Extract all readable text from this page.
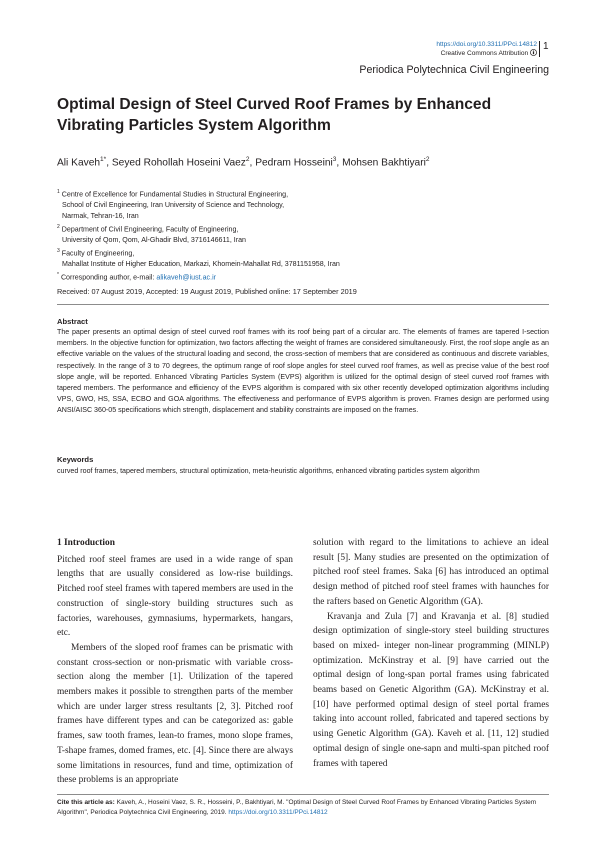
https://doi.org/10.3311/PPci.14812
Creative Commons Attribution
1
Periodica Polytechnica Civil Engineering
Optimal Design of Steel Curved Roof Frames by Enhanced Vibrating Particles System Algorithm
Ali Kaveh$^{1*}$, Seyed Rohollah Hoseini Vaez$^2$, Pedram Hosseini$^3$, Mohsen Bakhtiyari$^2$
$^1$ Centre of Excellence for Fundamental Studies in Structural Engineering,
School of Civil Engineering, Iran University of Science and Technology,
Narmak, Tehran-16, Iran
$^2$ Department of Civil Engineering, Faculty of Engineering,
University of Qom, Qom, Al-Ghadir Blvd, 3716146611, Iran
$^3$ Faculty of Engineering,
Mahallat Institute of Higher Education, Markazi, Khomein-Mahallat Rd, 3781151958, Iran
* Corresponding author, e-mail: alikaveh@iust.ac.ir
Received: 07 August 2019, Accepted: 19 August 2019, Published online: 17 September 2019
Abstract
The paper presents an optimal design of steel curved roof frames with its roof being part of a circular arc. The elements of frames are tapered I-section members. In the objective function for optimization, two factors affecting the weight of frames are considered simultaneously. First, the roof slope angle as an effective variable on the values of the structural loading and second, the cross-section of members that are considered as continuous and discrete variables, respectively. In the range of 3 to 70 degrees, the optimum range of roof slope angles for steel curved roof frames, as well as precise value of the best roof slope angle, will be reported. Enhanced Vibrating Particles System (EVPS) algorithm is utilized for the optimal design of steel curved roof frames with tapered members. The performance and efficiency of the EVPS algorithm is compared with six other recently developed optimization algorithms including VPS, GWO, HS, SSA, ECBO and GOA algorithms. The effectiveness and performance of EVPS algorithm is proven. Frames design are performed using ANSI/AISC 360-05 specifications which strength, displacement and stability constraints are imposed on the frames.
Keywords
curved roof frames, tapered members, structural optimization, meta-heuristic algorithms, enhanced vibrating particles system algorithm
1 Introduction

Pitched roof steel frames are used in a wide range of span lengths that are usually considered as low-rise buildings. Pitched roof steel frames with tapered members are used in the construction of single-story building structures such as factories, warehouses, gymnasiums, hypermarkets, hangars, etc.

Members of the sloped roof frames can be prismatic with constant cross-section or non-prismatic with variable cross-section along the member [1]. Utilization of the tapered members makes it possible to strengthen parts of the member which are under larger stress resultants [2, 3]. Pitched roof frames have different types and can be categorized as: gable frames, saw tooth frames, lean-to frames, mono slope frames, T-shape frames, domed frames, etc. [4]. Since there are always some limitations in resources, fund and time, optimization of these problems is an appropriate

solution with regard to the limitations to achieve an ideal result [5]. Many studies are presented on the optimization of pitched roof steel frames. Saka [6] has introduced an optimal design method of pitched roof steel frames with haunches for the rafters based on Genetic Algorithm (GA).

Kravanja and Zula [7] and Kravanja et al. [8] studied design optimization of single-story steel building structures based on mixed- integer non-linear programming (MINLP) optimization. McKinstray et al. [9] have carried out the optimal design of long-span portal frames using fabricated beams based on Genetic Algorithm (GA). McKinstray et al. [10] have performed optimal design of steel portal frames taking into account rolled, fabricated and tapered sections by using Genetic Algorithm (GA). Kaveh et al. [11, 12] studied optimal design of single one-sapn and multi-span pitched roof frames with tapered

Cite this article as: Kaveh, A., Hoseini Vaez, S. R., Hosseini, P., Bakhtiyari, M. "Optimal Design of Steel Curved Roof Frames by Enhanced Vibrating Particles System Algorithm", Periodica Polytechnica Civil Engineering, 2019. https://doi.org/10.3311/PPci.14812
